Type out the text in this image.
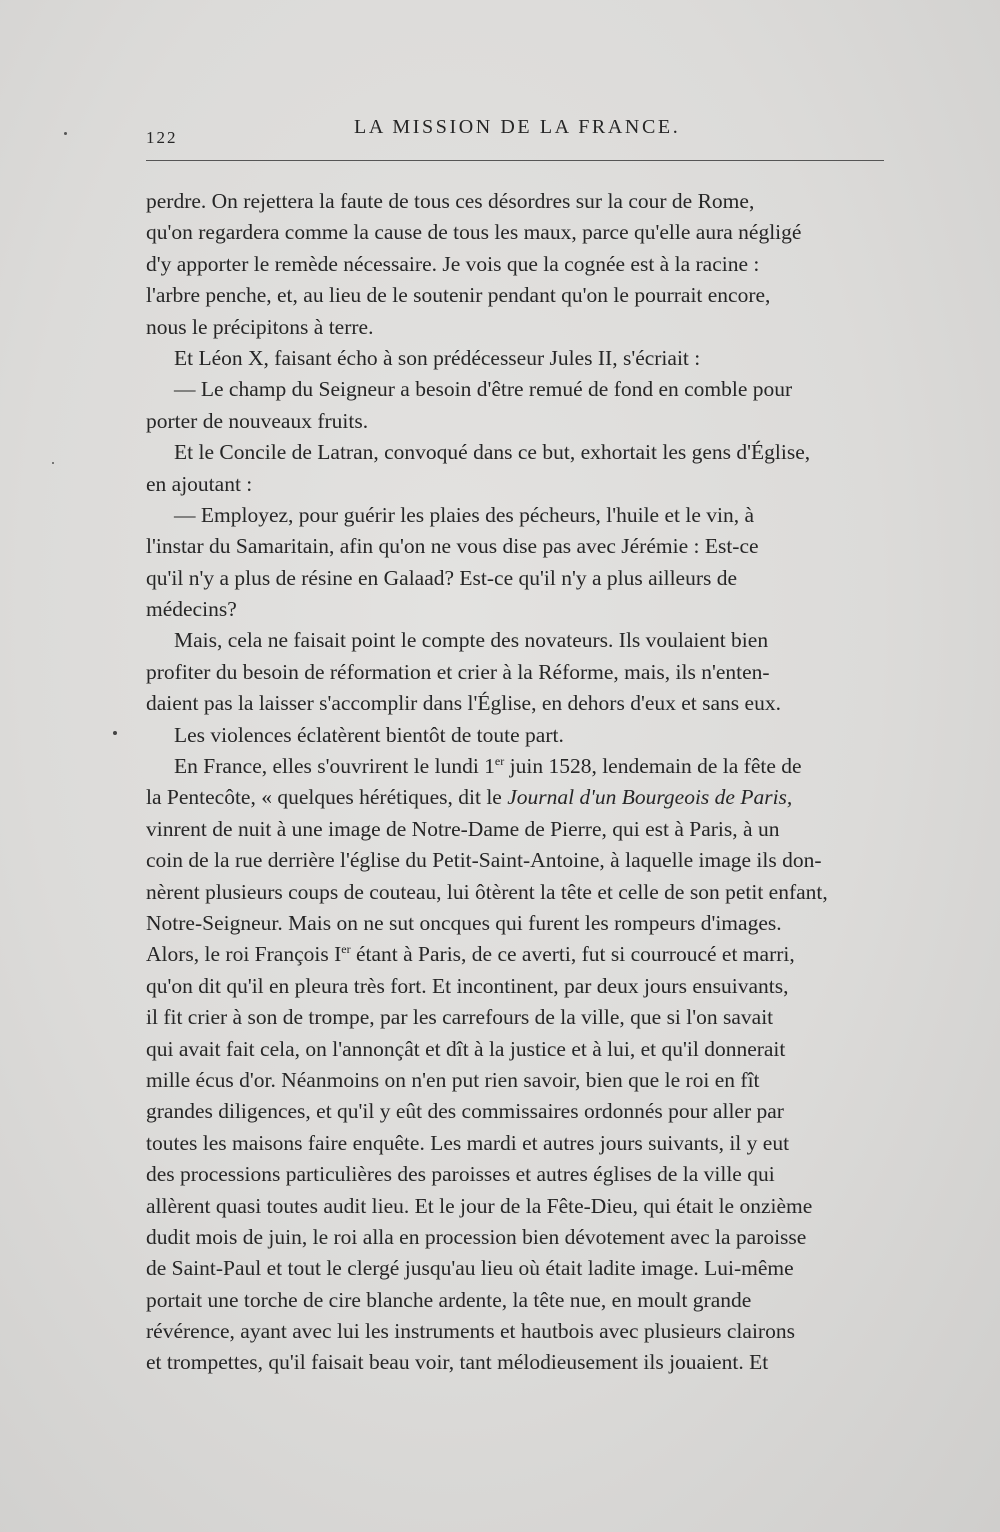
122	LA MISSION DE LA FRANCE.
perdre. On rejettera la faute de tous ces désordres sur la cour de Rome,
qu'on regardera comme la cause de tous les maux, parce qu'elle aura négligé
d'y apporter le remède nécessaire. Je vois que la cognée est à la racine :
l'arbre penche, et, au lieu de le soutenir pendant qu'on le pourrait encore,
nous le précipitons à terre.
Et Léon X, faisant écho à son prédécesseur Jules II, s'écriait :
— Le champ du Seigneur a besoin d'être remué de fond en comble pour
porter de nouveaux fruits.
Et le Concile de Latran, convoqué dans ce but, exhortait les gens d'Église,
en ajoutant :
— Employez, pour guérir les plaies des pécheurs, l'huile et le vin, à
l'instar du Samaritain, afin qu'on ne vous dise pas avec Jérémie : Est-ce
qu'il n'y a plus de résine en Galaad? Est-ce qu'il n'y a plus ailleurs de
médecins?
Mais, cela ne faisait point le compte des novateurs. Ils voulaient bien
profiter du besoin de réformation et crier à la Réforme, mais, ils n'enten-
daient pas la laisser s'accomplir dans l'Église, en dehors d'eux et sans eux.
Les violences éclatèrent bientôt de toute part.
En France, elles s'ouvrirent le lundi 1er juin 1528, lendemain de la fête de
la Pentecôte, « quelques hérétiques, dit le Journal d'un Bourgeois de Paris,
vinrent de nuit à une image de Notre-Dame de Pierre, qui est à Paris, à un
coin de la rue derrière l'église du Petit-Saint-Antoine, à laquelle image ils don-
nèrent plusieurs coups de couteau, lui ôtèrent la tête et celle de son petit enfant,
Notre-Seigneur. Mais on ne sut oncques qui furent les rompeurs d'images.
Alors, le roi François Ier étant à Paris, de ce averti, fut si courroucé et marri,
qu'on dit qu'il en pleura très fort. Et incontinent, par deux jours ensuivants,
il fit crier à son de trompe, par les carrefours de la ville, que si l'on savait
qui avait fait cela, on l'annonçât et dît à la justice et à lui, et qu'il donnerait
mille écus d'or. Néanmoins on n'en put rien savoir, bien que le roi en fît
grandes diligences, et qu'il y eût des commissaires ordonnés pour aller par
toutes les maisons faire enquête. Les mardi et autres jours suivants, il y eut
des processions particulières des paroisses et autres églises de la ville qui
allèrent quasi toutes audit lieu. Et le jour de la Fête-Dieu, qui était le onzième
dudit mois de juin, le roi alla en procession bien dévotement avec la paroisse
de Saint-Paul et tout le clergé jusqu'au lieu où était ladite image. Lui-même
portait une torche de cire blanche ardente, la tête nue, en moult grande
révérence, ayant avec lui les instruments et hautbois avec plusieurs clairons
et trompettes, qu'il faisait beau voir, tant mélodieusement ils jouaient. Et
